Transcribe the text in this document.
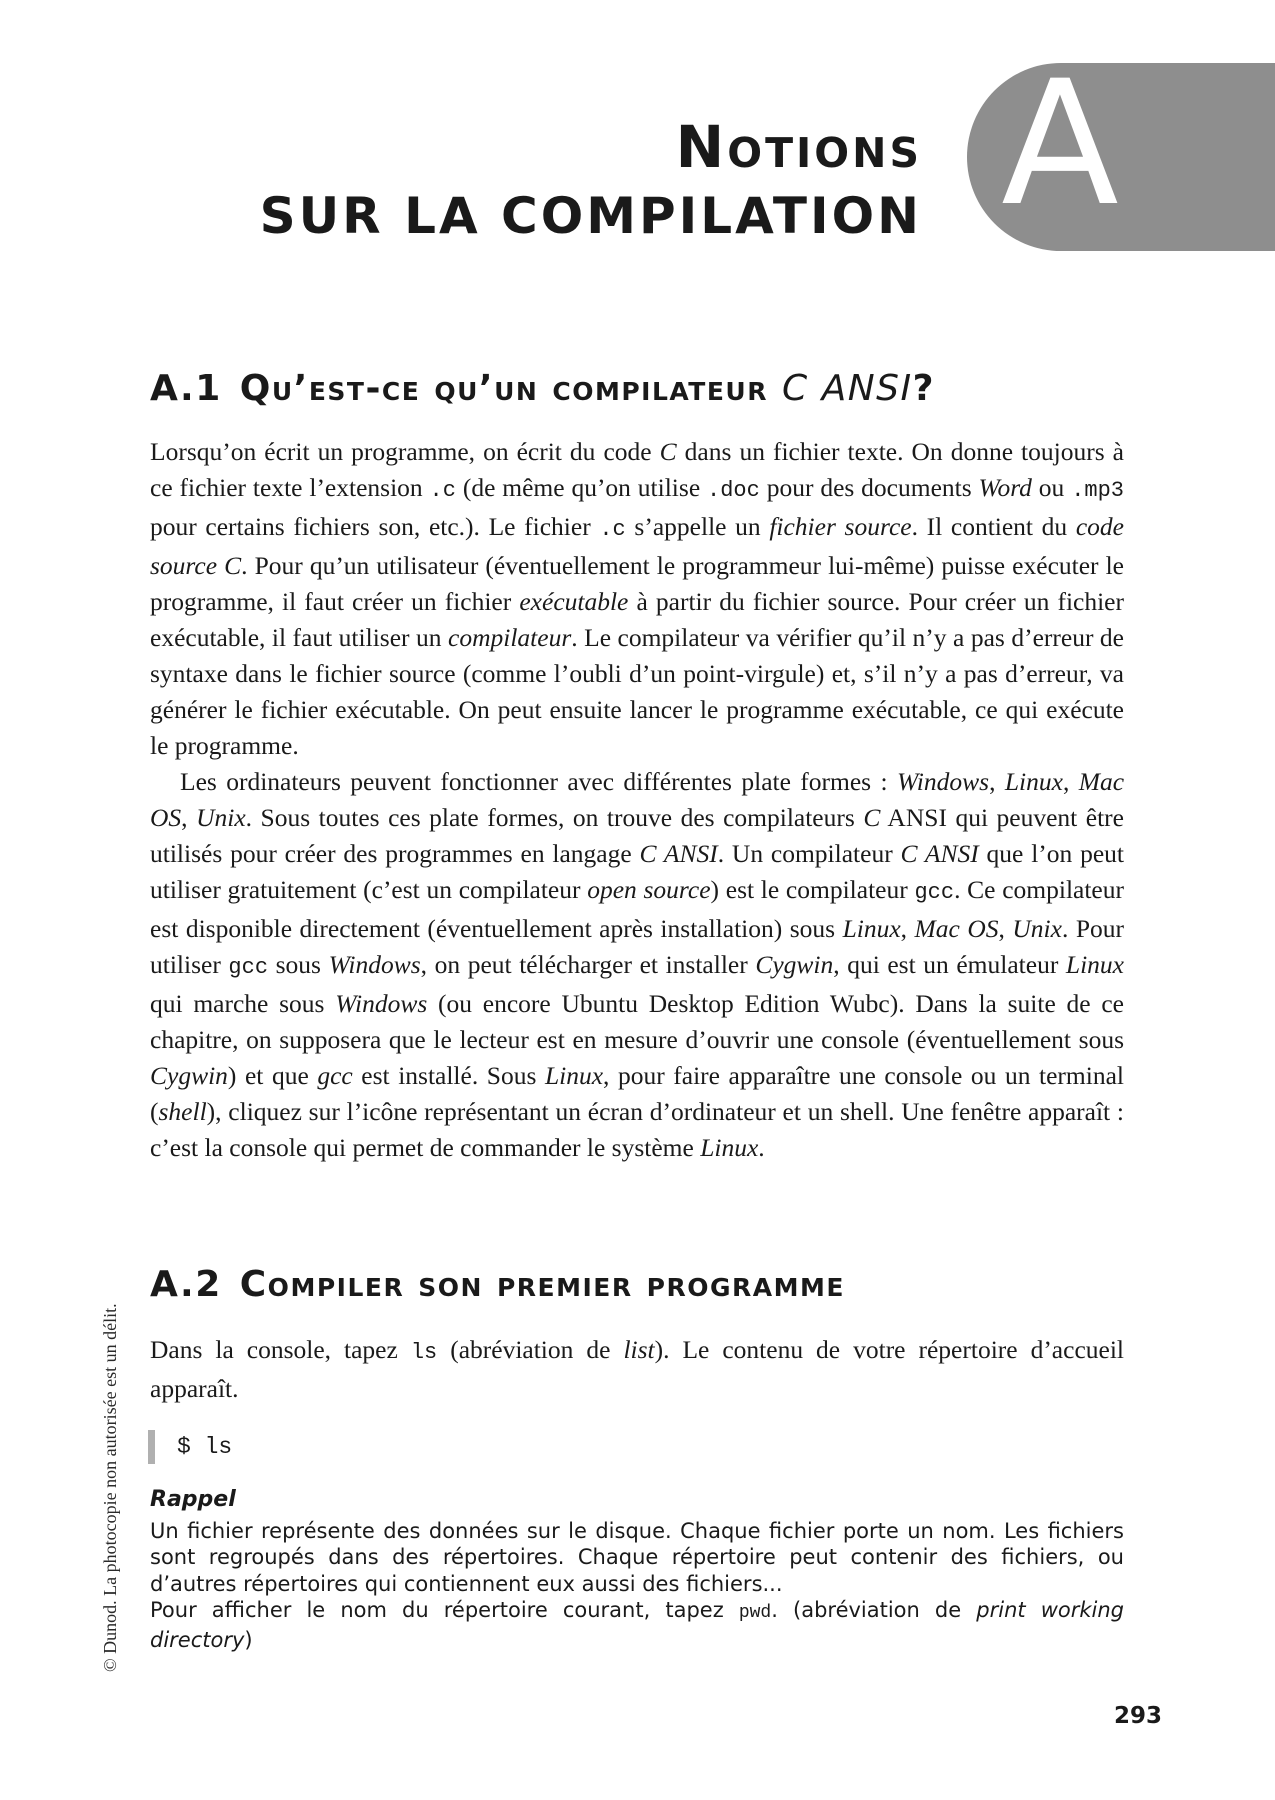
A
Notions
SUR LA COMPILATION
A.1 Qu’est-ce qu’un compilateur C ANSI?

Lorsqu’on écrit un programme, on écrit du code C dans un fichier texte. On donne toujours à ce fichier texte l’extension .c (de même qu’on utilise .doc pour des documents Word ou .mp3 pour certains fichiers son, etc.). Le fichier .c s’appelle un fichier source. Il contient du code source C. Pour qu’un utilisateur (éventuellement le programmeur lui-même) puisse exécuter le programme, il faut créer un fichier exécutable à partir du fichier source. Pour créer un fichier exécutable, il faut utiliser un compilateur. Le compilateur va vérifier qu’il n’y a pas d’erreur de syntaxe dans le fichier source (comme l’oubli d’un point-virgule) et, s’il n’y a pas d’erreur, va générer le fichier exécutable. On peut ensuite lancer le programme exécutable, ce qui exécute le programme.

Les ordinateurs peuvent fonctionner avec différentes plate formes : Windows, Linux, Mac OS, Unix. Sous toutes ces plate formes, on trouve des compilateurs C ANSI qui peuvent être utilisés pour créer des programmes en langage C ANSI. Un compilateur C ANSI que l’on peut utiliser gratuitement (c’est un compilateur open source) est le compilateur gcc. Ce compilateur est disponible directement (éventuellement après installation) sous Linux, Mac OS, Unix. Pour utiliser gcc sous Windows, on peut télécharger et installer Cygwin, qui est un émulateur Linux qui marche sous Windows (ou encore Ubuntu Desktop Edition Wubc). Dans la suite de ce chapitre, on supposera que le lecteur est en mesure d’ouvrir une console (éventuellement sous Cygwin) et que gcc est installé. Sous Linux, pour faire apparaître une console ou un terminal (shell), cliquez sur l’icône représentant un écran d’ordinateur et un shell. Une fenêtre apparaît : c’est la console qui permet de commander le système Linux.

A.2 Compiler son premier programme

Dans la console, tapez ls (abréviation de list). Le contenu de votre répertoire d’accueil apparaît.

$ ls
Rappel

Un fichier représente des données sur le disque. Chaque fichier porte un nom. Les fichiers sont regroupés dans des répertoires. Chaque répertoire peut contenir des fichiers, ou d’autres répertoires qui contiennent eux aussi des fichiers...

Pour afficher le nom du répertoire courant, tapez pwd. (abréviation de print working directory)

© Dunod. La photocopie non autorisée est un délit.
293
